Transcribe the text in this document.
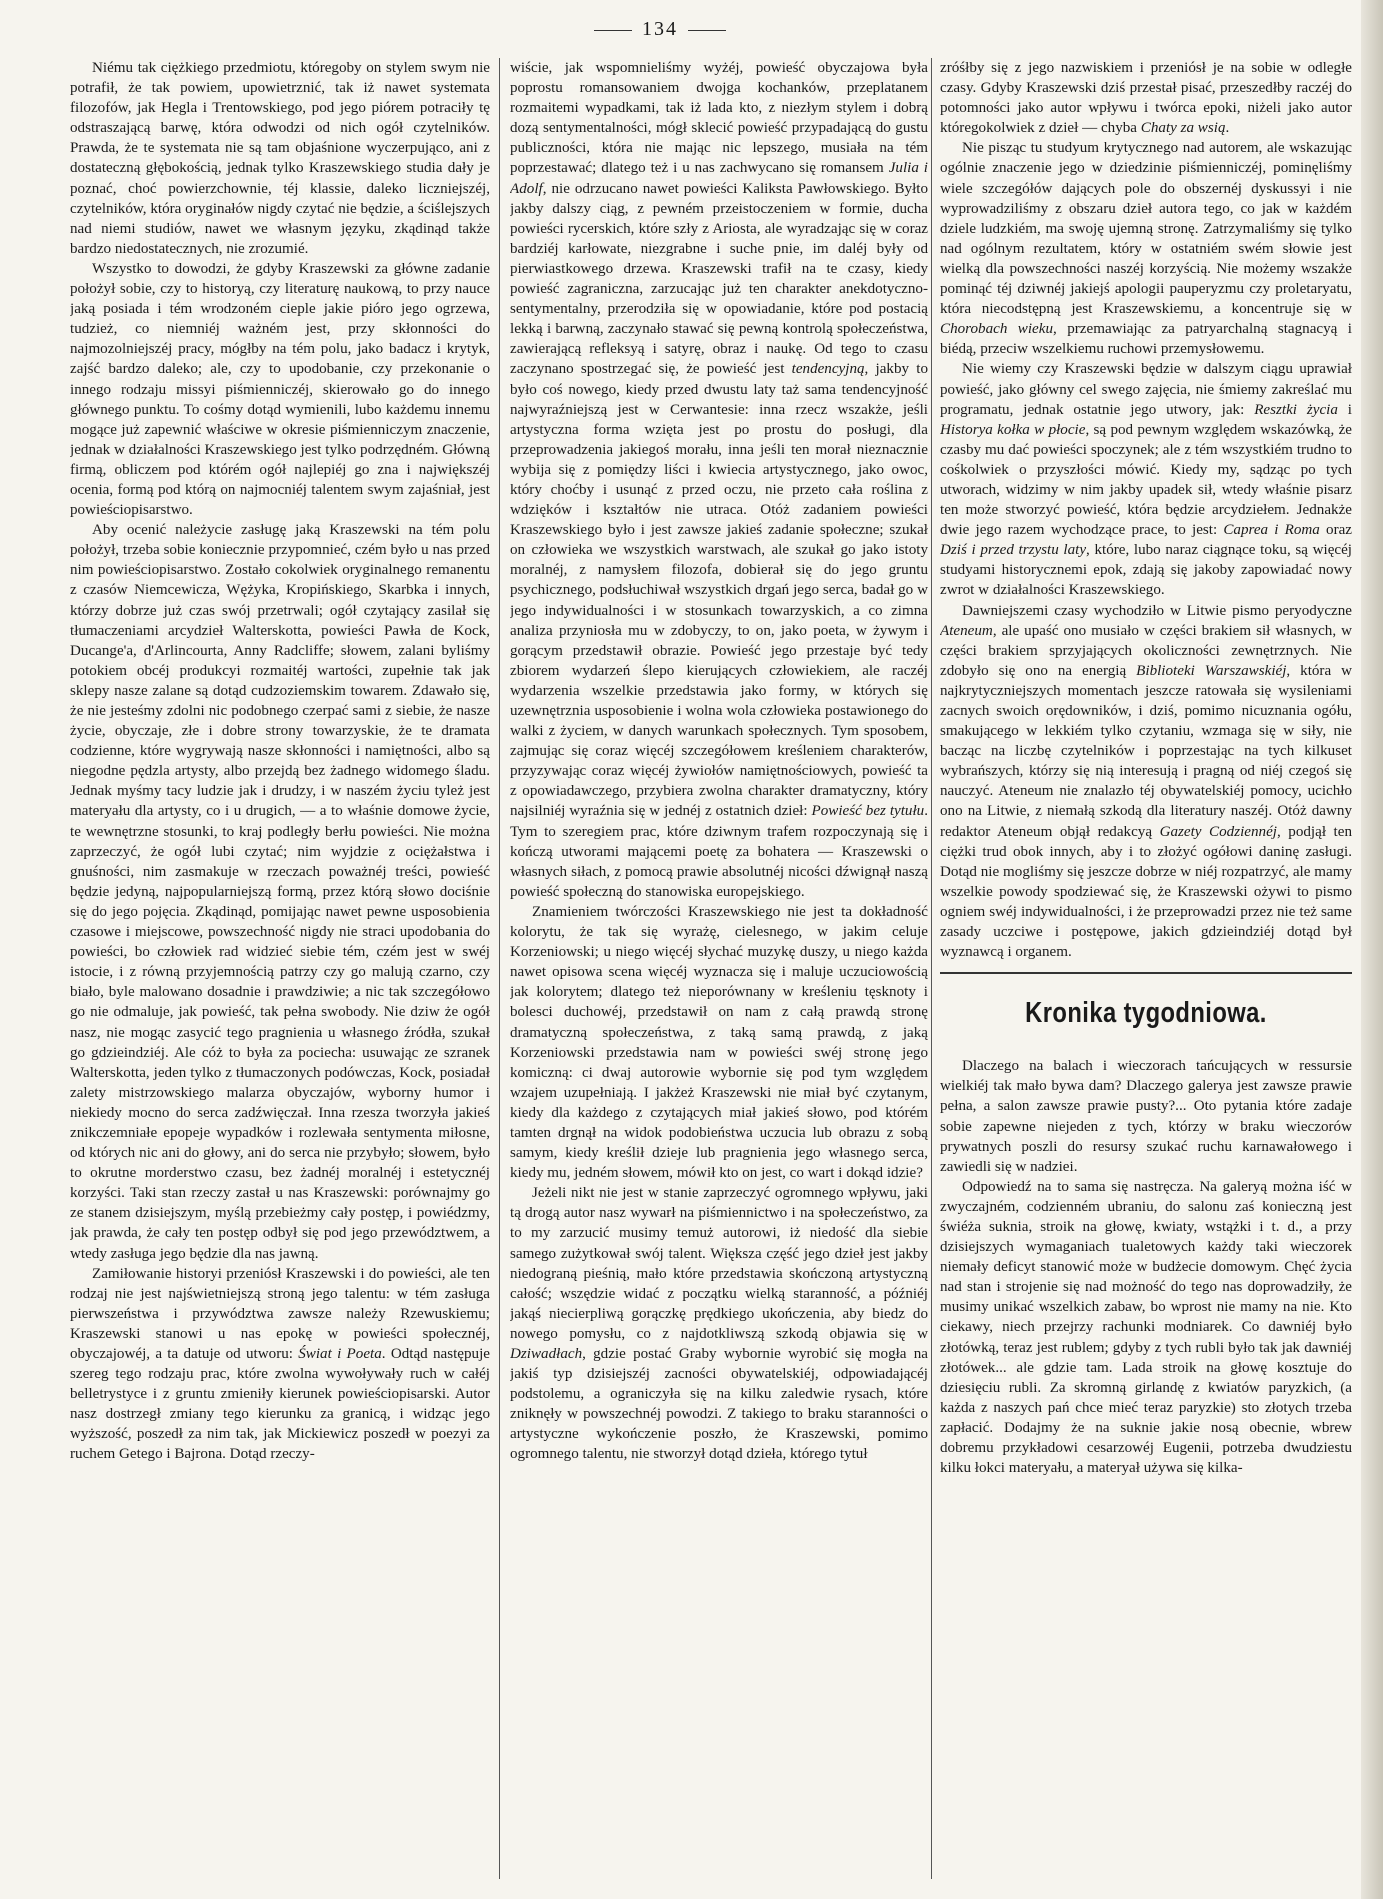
134

Niému tak ciężkiego przedmiotu, któregoby on stylem swym nie potrafił, że tak powiem, upowietrznić, tak iż nawet systemata filozofów, jak Hegla i Trentowskiego, pod jego piórem potraciły tę odstraszającą barwę, która odwodzi od nich ogół czytelników. Prawda, że te systemata nie są tam objaśnione wyczerpująco, ani z dostateczną głębokością, jednak tylko Kraszewskiego studia dały je poznać, choć powierzchownie, téj klassie, daleko liczniejszéj, czytelników, która oryginałów nigdy czytać nie będzie, a ściślejszych nad niemi studiów, nawet we własnym języku, zkądinąd także bardzo niedostatecznych, nie zrozumié.

Wszystko to dowodzi, że gdyby Kraszewski za główne zadanie położył sobie, czy to historyą, czy literaturę naukową, to przy nauce jaką posiada i tém wrodzoném cieple jakie pióro jego ogrzewa, tudzież, co niemniéj ważném jest, przy skłonności do najmozolniejszéj pracy, mógłby na tém polu, jako badacz i krytyk, zajść bardzo daleko; ale, czy to upodobanie, czy przekonanie o innego rodzaju missyi piśmienniczéj, skierowało go do innego głównego punktu. To cośmy dotąd wymienili, lubo każdemu innemu mogące już zapewnić właściwe w okresie piśmienniczym znaczenie, jednak w działalności Kraszewskiego jest tylko podrzędném. Główną firmą, obliczem pod którém ogół najlepiéj go zna i największéj ocenia, formą pod którą on najmocniéj talentem swym zajaśniał, jest powieściopisarstwo.

Aby ocenić należycie zasługę jaką Kraszewski na tém polu położył, trzeba sobie koniecznie przypomnieć, czém było u nas przed nim powieściopisarstwo. Zostało cokolwiek oryginalnego remanentu z czasów Niemcewicza, Wężyka, Kropińskiego, Skarbka i innych, którzy dobrze już czas swój przetrwali; ogół czytający zasilał się tłumaczeniami arcydzieł Walterskotta, powieści Pawła de Kock, Ducange'a, d'Arlincourta, Anny Radcliffe; słowem, zalani byliśmy potokiem obcéj produkcyi rozmaitéj wartości, zupełnie tak jak sklepy nasze zalane są dotąd cudzoziemskim towarem. Zdawało się, że nie jesteśmy zdolni nic podobnego czerpać sami z siebie, że nasze życie, obyczaje, złe i dobre strony towarzyskie, że te dramata codzienne, które wygrywają nasze skłonności i namiętności, albo są niegodne pędzla artysty, albo przejdą bez żadnego widomego śladu. Jednak myśmy tacy ludzie jak i drudzy, i w naszém życiu tyleż jest materyału dla artysty, co i u drugich, — a to właśnie domowe życie, te wewnętrzne stosunki, to kraj podległy berłu powieści. Nie można zaprzeczyć, że ogół lubi czytać; nim wyjdzie z ociężałstwa i gnuśności, nim zasmakuje w rzeczach poważnéj treści, powieść będzie jedyną, najpopularniejszą formą, przez którą słowo dociśnie się do jego pojęcia. Zkądinąd, pomijając nawet pewne usposobienia czasowe i miejscowe, powszechność nigdy nie straci upodobania do powieści, bo człowiek rad widzieć siebie tém, czém jest w swéj istocie, i z równą przyjemnością patrzy czy go malują czarno, czy biało, byle malowano dosadnie i prawdziwie; a nic tak szczegółowo go nie odmaluje, jak powieść, tak pełna swobody. Nie dziw że ogół nasz, nie mogąc zasycić tego pragnienia u własnego źródła, szukał go gdzieindziéj. Ale cóż to była za pociecha: usuwając ze szranek Walterskotta, jeden tylko z tłumaczonych podówczas, Kock, posiadał zalety mistrzowskiego malarza obyczajów, wyborny humor i niekiedy mocno do serca zadźwięczał. Inna rzesza tworzyła jakieś znikczemniałe epopeje wypadków i rozlewała sentymenta miłosne, od których nic ani do głowy, ani do serca nie przybyło; słowem, było to okrutne morderstwo czasu, bez żadnéj moralnéj i estetycznéj korzyści. Taki stan rzeczy zastał u nas Kraszewski: porównajmy go ze stanem dzisiejszym, myślą przebieżmy cały postęp, i powiédzmy, jak prawda, że cały ten postęp odbył się pod jego przewództwem, a wtedy zasługa jego będzie dla nas jawną.

Zamiłowanie historyi przeniósł Kraszewski i do powieści, ale ten rodzaj nie jest najświetniejszą stroną jego talentu: w tém zasługa pierwszeństwa i przywództwa zawsze należy Rzewuskiemu; Kraszewski stanowi u nas epokę w powieści społecznéj, obyczajowéj, a ta datuje od utworu: Świat i Poeta. Odtąd następuje szereg tego rodzaju prac, które zwolna wywoływały ruch w całéj belletrystyce i z gruntu zmieniły kierunek powieściopisarski. Autor nasz dostrzegł zmiany tego kierunku za granicą, i widząc jego wyższość, poszedł za nim tak, jak Mickiewicz poszedł w poezyi za ruchem Getego i Bajrona. Dotąd rzeczy-

wiście, jak wspomnieliśmy wyżéj, powieść obyczajowa była poprostu romansowaniem dwojga kochanków, przeplatanem rozmaitemi wypadkami, tak iż lada kto, z niezłym stylem i dobrą dozą sentymentalności, mógł sklecić powieść przypadającą do gustu publiczności, która nie mając nic lepszego, musiała na tém poprzestawać; dlatego też i u nas zachwycano się romansem Julia i Adolf, nie odrzucano nawet powieści Kaliksta Pawłowskiego. Byłto jakby dalszy ciąg, z pewném przeistoczeniem w formie, ducha powieści rycerskich, które szły z Ariosta, ale wyradzając się w coraz bardziéj karłowate, niezgrabne i suche pnie, im daléj były od pierwiastkowego drzewa. Kraszewski trafił na te czasy, kiedy powieść zagraniczna, zarzucając już ten charakter anekdotyczno-sentymentalny, przerodziła się w opowiadanie, które pod postacią lekką i barwną, zaczynało stawać się pewną kontrolą społeczeństwa, zawierającą refleksyą i satyrę, obraz i naukę. Od tego to czasu zaczynano spostrzegać się, że powieść jest tendencyjną, jakby to było coś nowego, kiedy przed dwustu laty taż sama tendencyjność najwyraźniejszą jest w Cerwantesie: inna rzecz wszakże, jeśli artystyczna forma wzięta jest po prostu do posługi, dla przeprowadzenia jakiegoś morału, inna jeśli ten morał nieznacznie wybija się z pomiędzy liści i kwiecia artystycznego, jako owoc, który choćby i usunąć z przed oczu, nie przeto cała roślina z wdzięków i kształtów nie utraca. Otóż zadaniem powieści Kraszewskiego było i jest zawsze jakieś zadanie społeczne; szukał on człowieka we wszystkich warstwach, ale szukał go jako istoty moralnéj, z namysłem filozofa, dobierał się do jego gruntu psychicznego, podsłuchiwał wszystkich drgań jego serca, badał go w jego indywidualności i w stosunkach towarzyskich, a co zimna analiza przyniosła mu w zdobyczy, to on, jako poeta, w żywym i gorącym przedstawił obrazie. Powieść jego przestaje być tedy zbiorem wydarzeń ślepo kierujących człowiekiem, ale raczéj wydarzenia wszelkie przedstawia jako formy, w których się uzewnętrznia usposobienie i wolna wola człowieka postawionego do walki z życiem, w danych warunkach społecznych. Tym sposobem, zajmując się coraz więcéj szczegółowem kreśleniem charakterów, przyzywając coraz więcéj żywiołów namiętnościowych, powieść ta z opowiadawczego, przybiera zwolna charakter dramatyczny, który najsilniéj wyraźnia się w jednéj z ostatnich dzieł: Powieść bez tytułu. Tym to szeregiem prac, które dziwnym trafem rozpoczynają się i kończą utworami mającemi poetę za bohatera — Kraszewski o własnych siłach, z pomocą prawie absolutnéj nicości dźwignął naszą powieść społeczną do stanowiska europejskiego.

Znamieniem twórczości Kraszewskiego nie jest ta dokładność kolorytu, że tak się wyrażę, cielesnego, w jakim celuje Korzeniowski; u niego więcéj słychać muzykę duszy, u niego każda nawet opisowa scena więcéj wyznacza się i maluje uczuciowością jak kolorytem; dlatego też nieporównany w kreśleniu tęsknoty i bolesci duchowéj, przedstawił on nam z całą prawdą stronę dramatyczną społeczeństwa, z taką samą prawdą, z jaką Korzeniowski przedstawia nam w powieści swéj stronę jego komiczną: ci dwaj autorowie wybornie się pod tym względem wzajem uzupełniają. I jakżeż Kraszewski nie miał być czytanym, kiedy dla każdego z czytających miał jakieś słowo, pod którém tamten drgnął na widok podobieństwa uczucia lub obrazu z sobą samym, kiedy kreślił dzieje lub pragnienia jego własnego serca, kiedy mu, jedném słowem, mówił kto on jest, co wart i dokąd idzie?

Jeżeli nikt nie jest w stanie zaprzeczyć ogromnego wpływu, jaki tą drogą autor nasz wywarł na piśmiennictwo i na społeczeństwo, za to my zarzucić musimy temuż autorowi, iż niedość dla siebie samego zużytkował swój talent. Większa część jego dzieł jest jakby niedograną pieśnią, mało które przedstawia skończoną artystyczną całość; wszędzie widać z początku wielką staranność, a późniéj jakąś niecierpliwą gorączkę prędkiego ukończenia, aby biedz do nowego pomysłu, co z najdotkliwszą szkodą objawia się w Dziwadłach, gdzie postać Graby wybornie wyrobić się mogła na jakiś typ dzisiejszéj zacności obywatelskiéj, odpowiadającéj podstolemu, a ograniczyła się na kilku zaledwie rysach, które zniknęły w powszechnéj powodzi. Z takiego to braku staranności o artystyczne wykończenie poszło, że Kraszewski, pomimo ogromnego talentu, nie stworzył dotąd dzieła, którego tytuł

zróśłby się z jego nazwiskiem i przeniósł je na sobie w odległe czasy. Gdyby Kraszewski dziś przestał pisać, przeszedłby raczéj do potomności jako autor wpływu i twórca epoki, niżeli jako autor któregokolwiek z dzieł — chyba Chaty za wsią.

Nie pisząc tu studyum krytycznego nad autorem, ale wskazując ogólnie znaczenie jego w dziedzinie piśmienniczéj, pominęliśmy wiele szczegółów dających pole do obszernéj dyskussyi i nie wyprowadziliśmy z obszaru dzieł autora tego, co jak w każdém dziele ludzkiém, ma swoję ujemną stronę. Zatrzymaliśmy się tylko nad ogólnym rezultatem, który w ostatniém swém słowie jest wielką dla powszechności naszéj korzyścią. Nie możemy wszakże pominąć téj dziwnéj jakiejś apologii pauperyzmu czy proletaryatu, która niecodstępną jest Kraszewskiemu, a koncentruje się w Chorobach wieku, przemawiając za patryarchalną stagnacyą i biédą, przeciw wszelkiemu ruchowi przemysłowemu.

Nie wiemy czy Kraszewski będzie w dalszym ciągu uprawiał powieść, jako główny cel swego zajęcia, nie śmiemy zakreślać mu programatu, jednak ostatnie jego utwory, jak: Resztki życia i Historya kołka w płocie, są pod pewnym względem wskazówką, że czasby mu dać powieści spoczynek; ale z tém wszystkiém trudno to cośkolwiek o przyszłości mówić. Kiedy my, sądząc po tych utworach, widzimy w nim jakby upadek sił, wtedy właśnie pisarz ten może stworzyć powieść, która będzie arcydziełem. Jednakże dwie jego razem wychodzące prace, to jest: Caprea i Roma oraz Dziś i przed trzystu laty, które, lubo naraz ciągnące toku, są więcéj studyami historycznemi epok, zdają się jakoby zapowiadać nowy zwrot w działalności Kraszewskiego.

Dawniejszemi czasy wychodziło w Litwie pismo peryodyczne Ateneum, ale upaść ono musiało w części brakiem sił własnych, w części brakiem sprzyjających okoliczności zewnętrznych. Nie zdobyło się ono na energią Biblioteki Warszawskiéj, która w najkrytyczniejszych momentach jeszcze ratowała się wysileniami zacnych swoich orędowników, i dziś, pomimo nicuznania ogółu, smakującego w lekkiém tylko czytaniu, wzmaga się w siły, nie bacząc na liczbę czytelników i poprzestając na tych kilkuset wybrańszych, którzy się nią interesują i pragną od niéj czegoś się nauczyć. Ateneum nie znalazło téj obywatelskiéj pomocy, ucichło ono na Litwie, z niemałą szkodą dla literatury naszéj. Otóż dawny redaktor Ateneum objął redakcyą Gazety Codziennéj, podjął ten ciężki trud obok innych, aby i to złożyć ogółowi daninę zasługi. Dotąd nie mogliśmy się jeszcze dobrze w niéj rozpatrzyć, ale mamy wszelkie powody spodziewać się, że Kraszewski ożywi to pismo ogniem swéj indywidualności, i że przeprowadzi przez nie też same zasady uczciwe i postępowe, jakich gdzieindziéj dotąd był wyznawcą i organem.

Kronika tygodniowa.

Dlaczego na balach i wieczorach tańcujących w ressursie wielkiéj tak mało bywa dam? Dlaczego galerya jest zawsze prawie pełna, a salon zawsze prawie pusty?... Oto pytania które zadaje sobie zapewne niejeden z tych, którzy w braku wieczorów prywatnych poszli do resursy szukać ruchu karnawałowego i zawiedli się w nadziei.

Odpowiedź na to sama się nastręcza. Na galeryą można iść w zwyczajném, codzienném ubraniu, do salonu zaś konieczną jest świéża suknia, stroik na głowę, kwiaty, wstążki i t. d., a przy dzisiejszych wymaganiach tualetowych każdy taki wieczorek niemały deficyt stanowić może w budżecie domowym. Chęć życia nad stan i strojenie się nad możność do tego nas doprowadziły, że musimy unikać wszelkich zabaw, bo wprost nie mamy na nie. Kto ciekawy, niech przejrzy rachunki modniarek. Co dawniéj było złotówką, teraz jest rublem; gdyby z tych rubli było tak jak dawniéj złotówek... ale gdzie tam. Lada stroik na głowę kosztuje do dziesięciu rubli. Za skromną girlandę z kwiatów paryzkich, (a każda z naszych pań chce mieć teraz paryzkie) sto złotych trzeba zapłacić. Dodajmy że na suknie jakie nosą obecnie, wbrew dobremu przykładowi cesarzowéj Eugenii, potrzeba dwudziestu kilku łokci materyału, a materyał używa się kilka-
